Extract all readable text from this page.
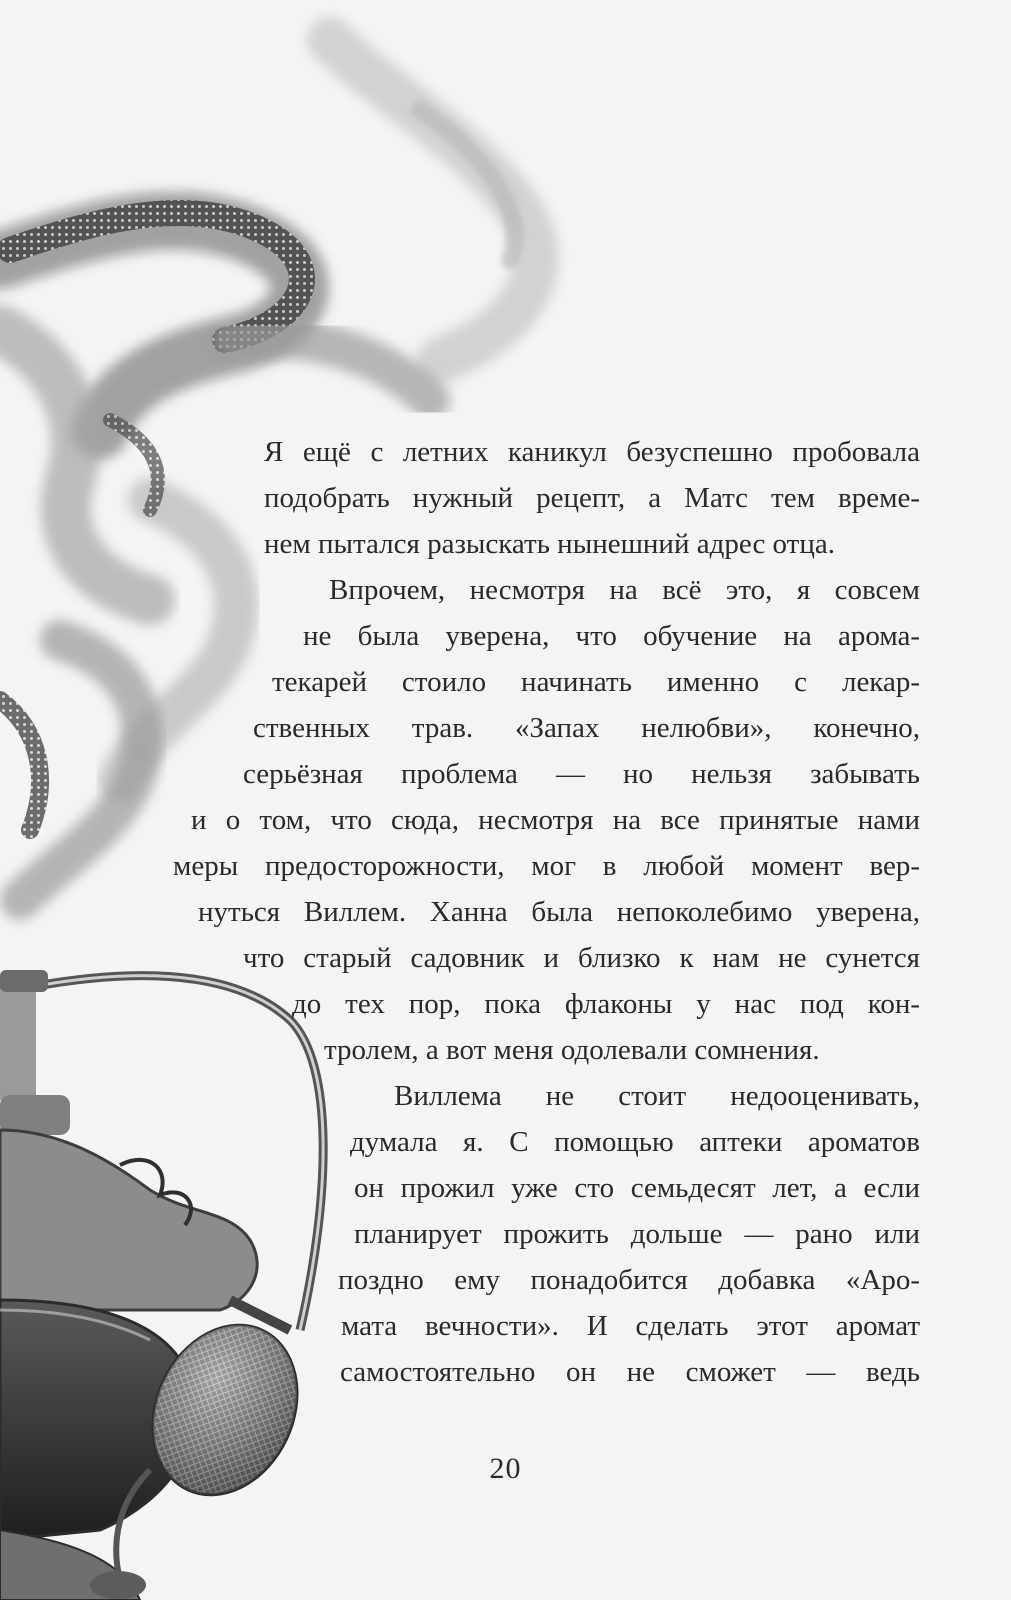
Я ещё с летних каникул безуспешно пробовала
подобрать нужный рецепт, а Матс тем време-
нем пытался разыскать нынешний адрес отца.
Впрочем, несмотря на всё это, я совсем
не была уверена, что обучение на арома-
текарей стоило начинать именно с лекар-
ственных трав. «Запах нелюбви», конечно,
серьёзная проблема — но нельзя забывать
и о том, что сюда, несмотря на все принятые нами
меры предосторожности, мог в любой момент вер-
нуться Виллем. Ханна была непоколебимо уверена,
что старый садовник и близко к нам не сунется
до тех пор, пока флаконы у нас под кон-
тролем, а вот меня одолевали сомнения.
Виллема не стоит недооценивать,
думала я. С помощью аптеки ароматов
он прожил уже сто семьдесят лет, а если
планирует прожить дольше — рано или
поздно ему понадобится добавка «Аро-
мата вечности». И сделать этот аромат
самостоятельно он не сможет — ведь
20
